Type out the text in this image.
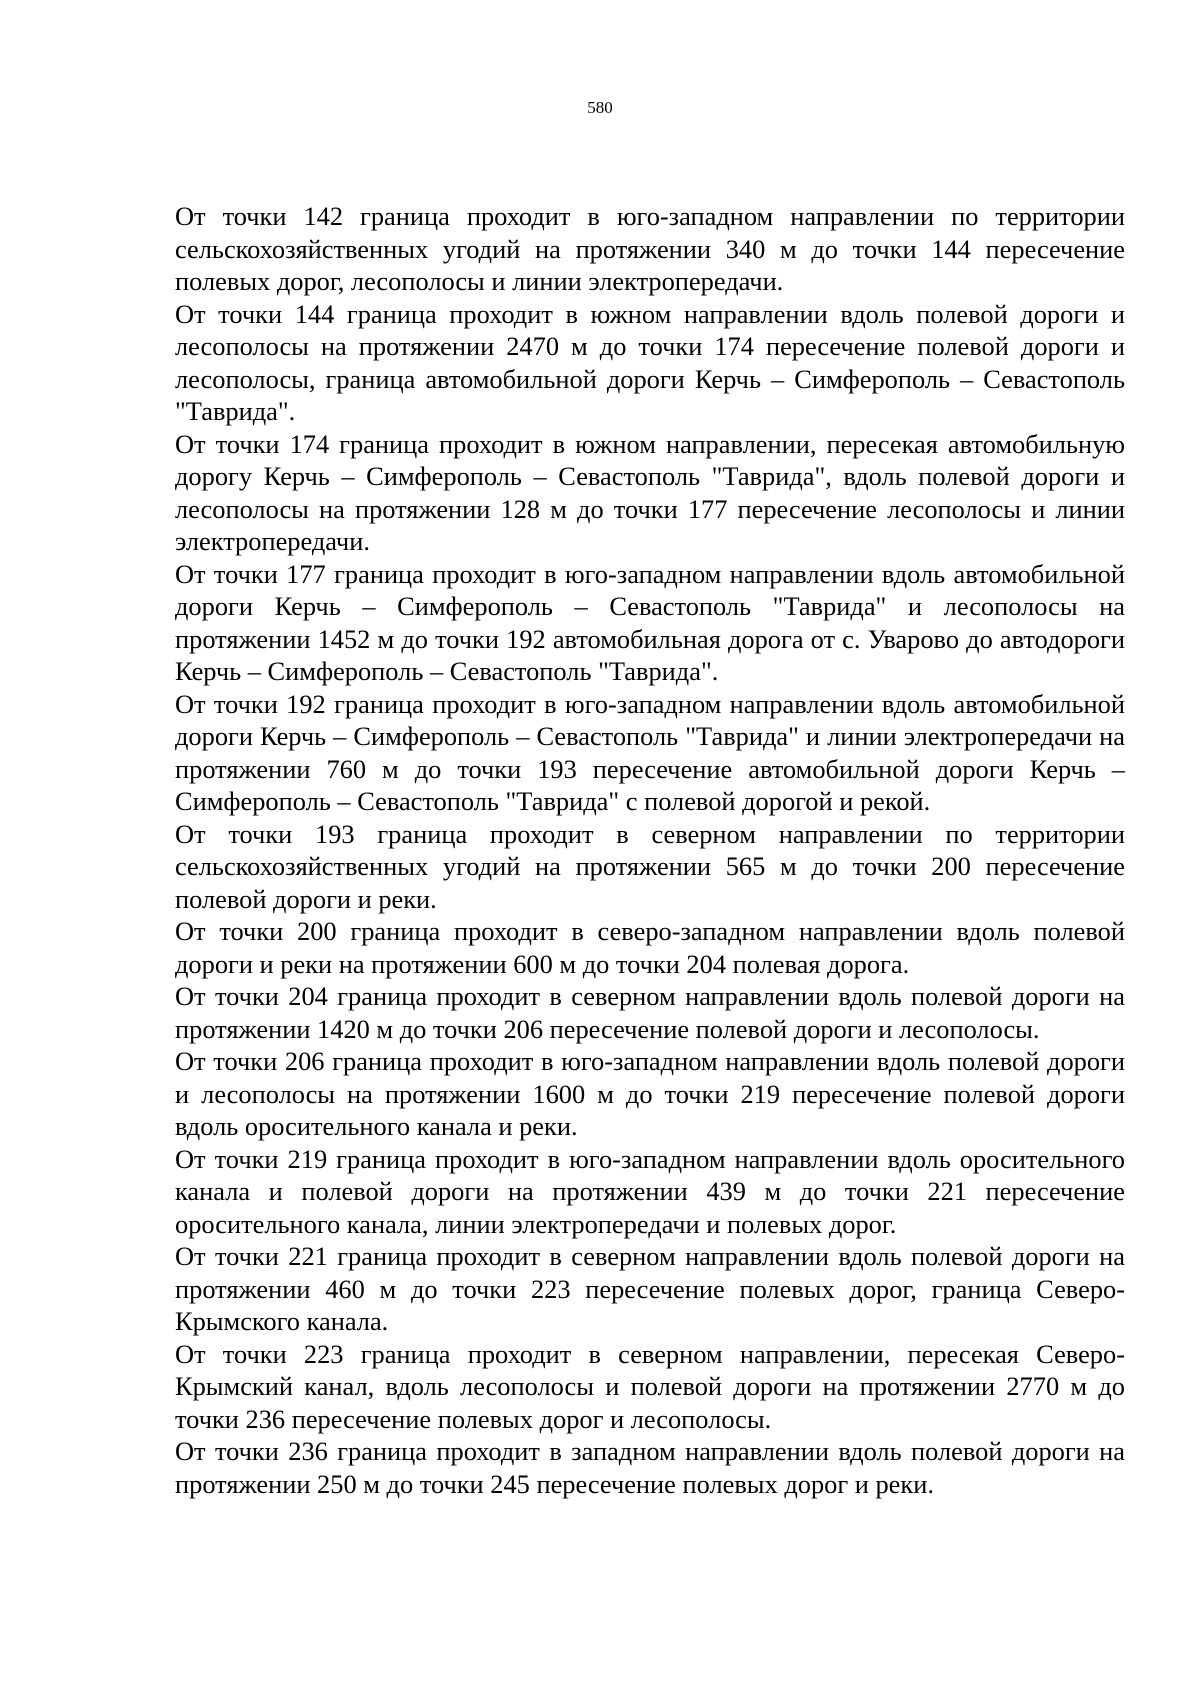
580

От точки 142 граница проходит в юго-западном направлении по территории сельскохозяйственных угодий на протяжении 340 м до точки 144 пересечение полевых дорог, лесополосы и линии электропередачи.

От точки 144 граница проходит в южном направлении вдоль полевой дороги и лесополосы на протяжении 2470 м до точки 174 пересечение полевой дороги и лесополосы, граница автомобильной дороги Керчь – Симферополь – Севастополь "Таврида".

От точки 174 граница проходит в южном направлении, пересекая автомобильную дорогу Керчь – Симферополь – Севастополь "Таврида", вдоль полевой дороги и лесополосы на протяжении 128 м до точки 177 пересечение лесополосы и линии электропередачи.

От точки 177 граница проходит в юго-западном направлении вдоль автомобильной дороги Керчь – Симферополь – Севастополь "Таврида" и лесополосы на протяжении 1452 м до точки 192 автомобильная дорога от с. Уварово до автодороги Керчь – Симферополь – Севастополь "Таврида".

От точки 192 граница проходит в юго-западном направлении вдоль автомобильной дороги Керчь – Симферополь – Севастополь "Таврида" и линии электропередачи на протяжении 760 м до точки 193 пересечение автомобильной дороги Керчь – Симферополь – Севастополь "Таврида" с полевой дорогой и рекой.

От точки 193 граница проходит в северном направлении по территории сельскохозяйственных угодий на протяжении 565 м до точки 200 пересечение полевой дороги и реки.

От точки 200 граница проходит в северо-западном направлении вдоль полевой дороги и реки на протяжении 600 м до точки 204 полевая дорога.

От точки 204 граница проходит в северном направлении вдоль полевой дороги на протяжении 1420 м до точки 206 пересечение полевой дороги и лесополосы.

От точки 206 граница проходит в юго-западном направлении вдоль полевой дороги и лесополосы на протяжении 1600 м до точки 219 пересечение полевой дороги вдоль оросительного канала и реки.

От точки 219 граница проходит в юго-западном направлении вдоль оросительного канала и полевой дороги на протяжении 439 м до точки 221 пересечение оросительного канала, линии электропередачи и полевых дорог.

От точки 221 граница проходит в северном направлении вдоль полевой дороги на протяжении 460 м до точки 223 пересечение полевых дорог, граница Северо-Крымского канала.

От точки 223 граница проходит в северном направлении, пересекая Северо-Крымский канал, вдоль лесополосы и полевой дороги на протяжении 2770 м до точки 236 пересечение полевых дорог и лесополосы.

От точки 236 граница проходит в западном направлении вдоль полевой дороги на протяжении 250 м до точки 245 пересечение полевых дорог и реки.
